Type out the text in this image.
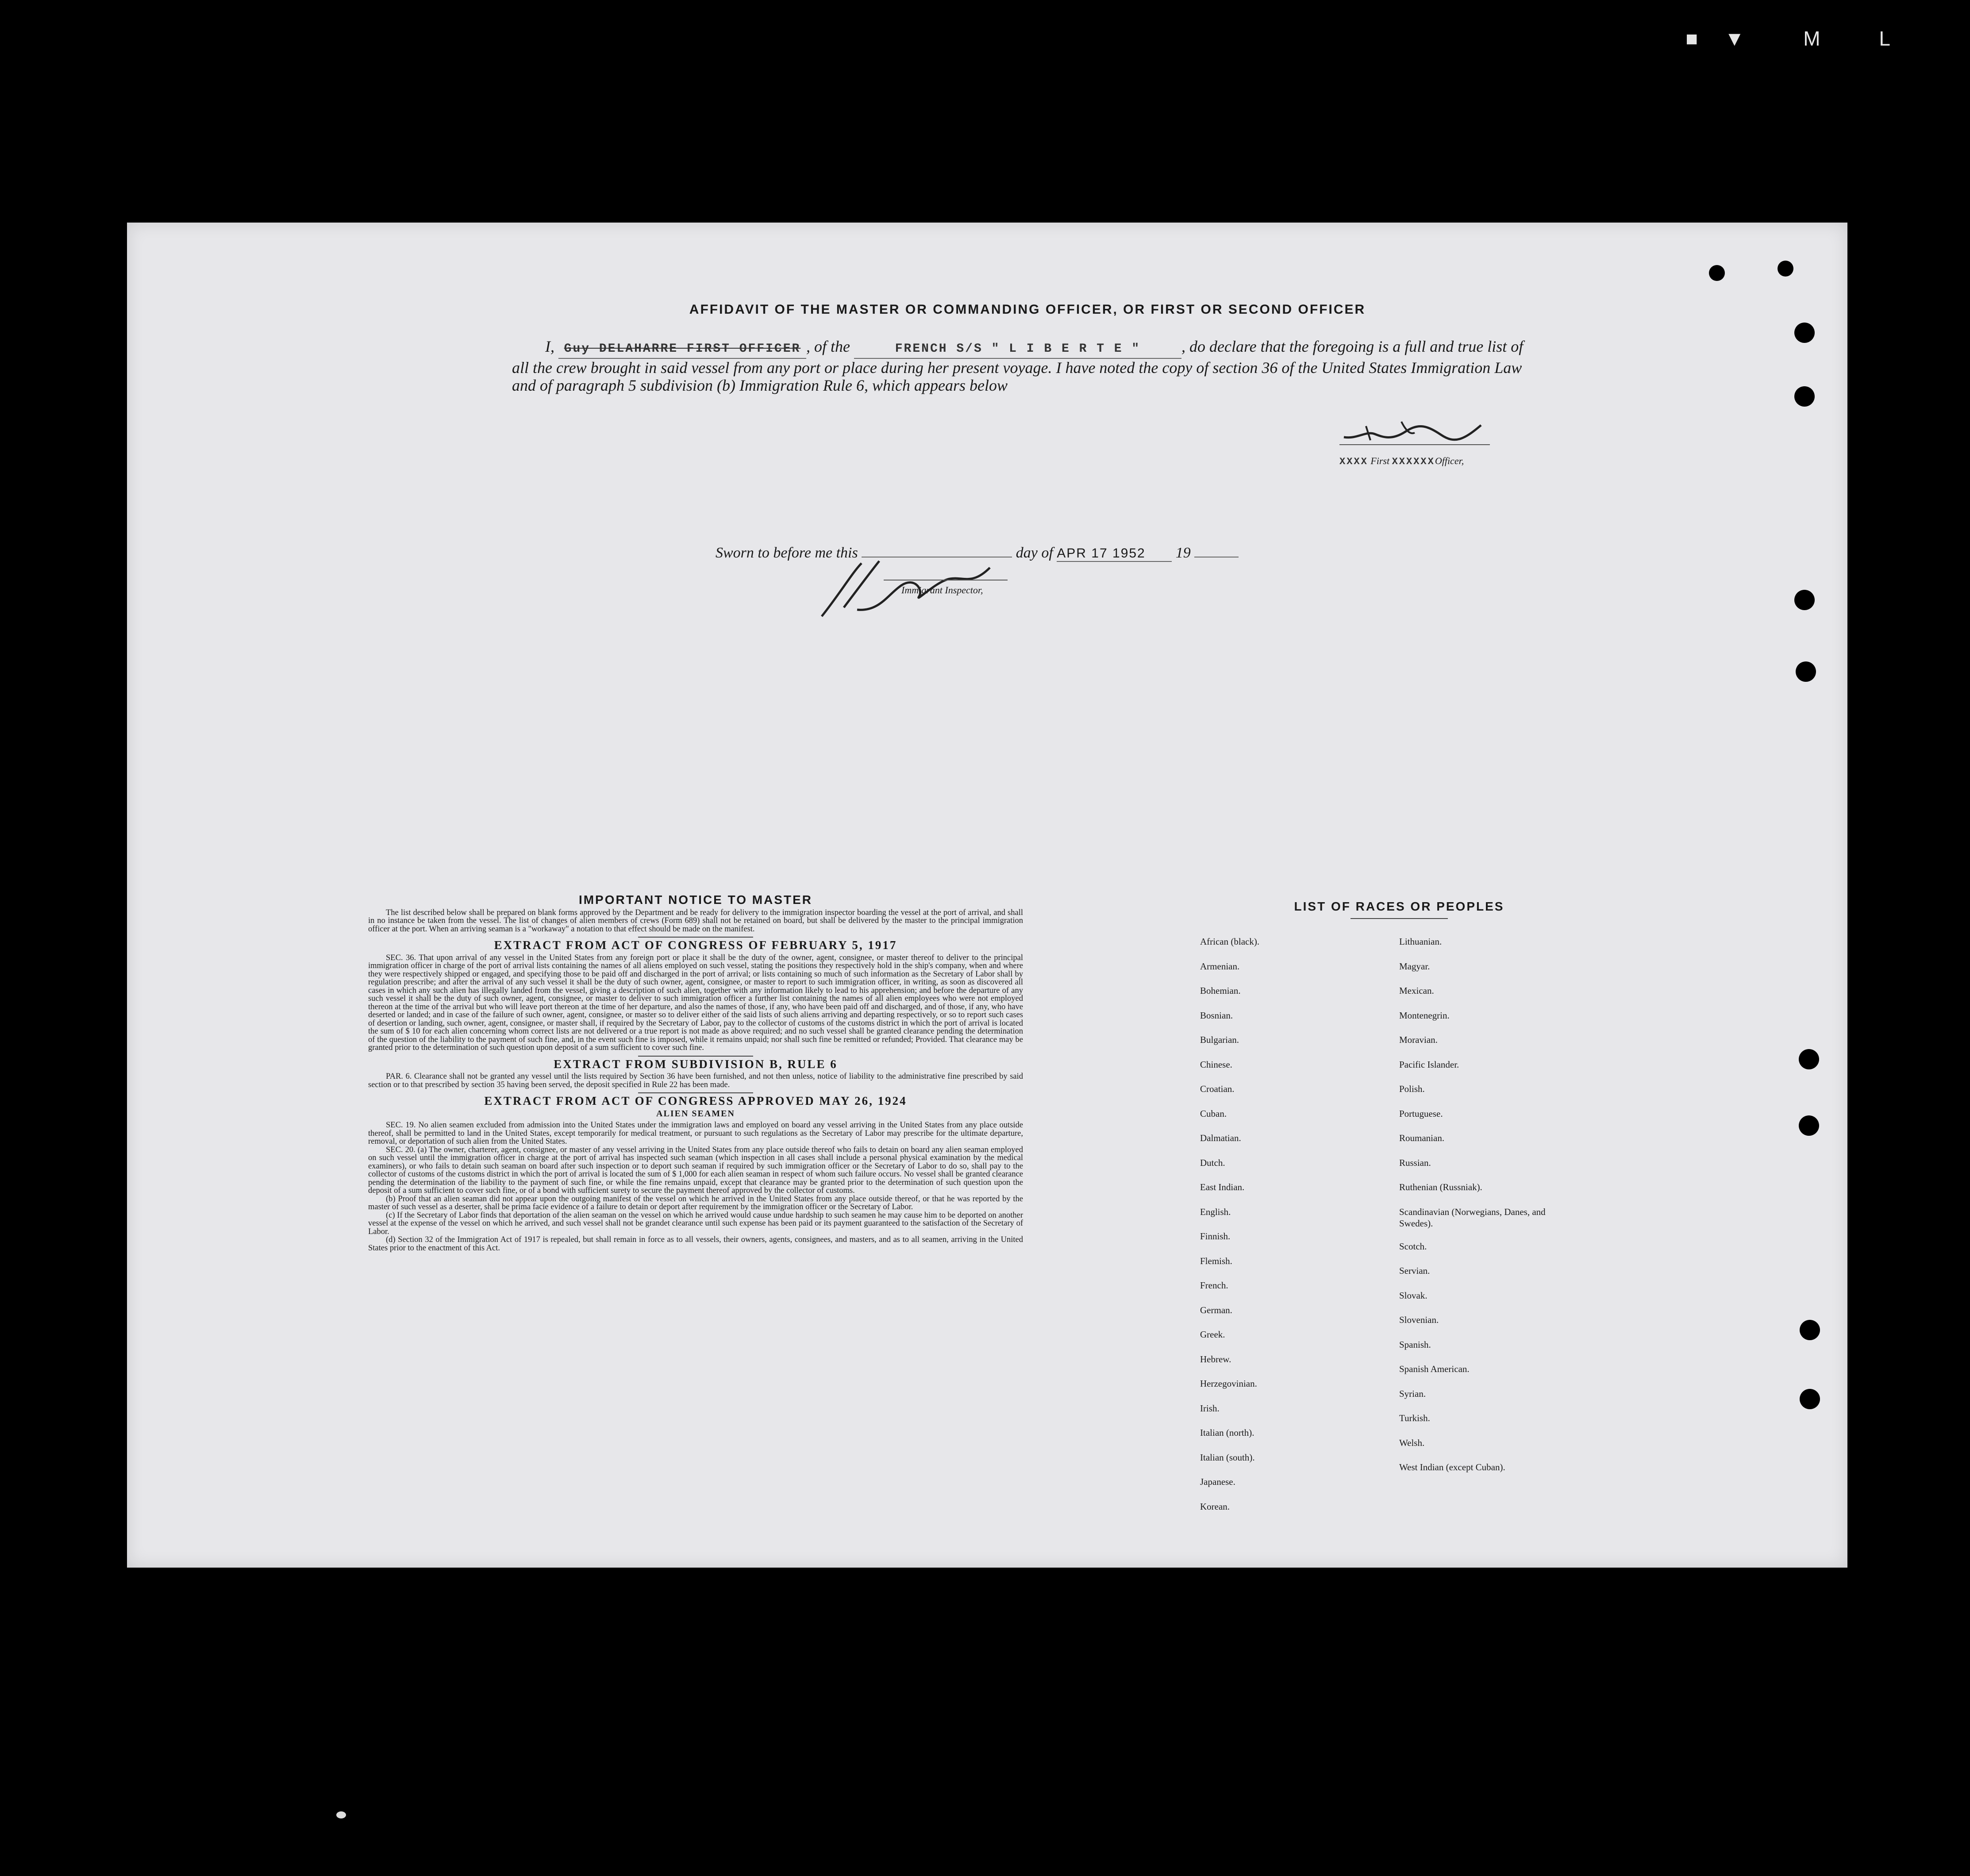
■▼ M L
AFFIDAVIT OF THE MASTER OR COMMANDING OFFICER, OR FIRST OR SECOND OFFICER
I, Guy DELAHARRE FIRST OFFICER , of the	FRENCH S/S " L I B E R T E "	, do declare that the foregoing is a full and true list of all the crew brought in said vessel from any port or place during her present voyage. I have noted the copy of section 36 of the United States Immigration Law and of paragraph 5 subdivision (b) Immigration Rule 6, which appears below
XXXX First XXXXXXOfficer,
Sworn to before me this	day of APR 17 1952 19
Immigrant Inspector,
IMPORTANT NOTICE TO MASTER

The list described below shall be prepared on blank forms approved by the Department and be ready for delivery to the immigration inspector boarding the vessel at the port of arrival, and shall in no instance be taken from the vessel. The list of changes of alien members of crews (Form 689) shall not be retained on board, but shall be delivered by the master to the principal immigration officer at the port. When an arriving seaman is a "workaway" a notation to that effect should be made on the manifest.

EXTRACT FROM ACT OF CONGRESS OF FEBRUARY 5, 1917

SEC. 36. That upon arrival of any vessel in the United States from any foreign port or place it shall be the duty of the owner, agent, consignee, or master thereof to deliver to the principal immigration officer in charge of the port of arrival lists containing the names of all aliens employed on such vessel, stating the positions they respectively hold in the ship's company, when and where they were respectively shipped or engaged, and specifying those to be paid off and discharged in the port of arrival; or lists containing so much of such information as the Secretary of Labor shall by regulation prescribe; and after the arrival of any such vessel it shall be the duty of such owner, agent, consignee, or master to report to such immigration officer, in writing, as soon as discovered all cases in which any such alien has illegally landed from the vessel, giving a description of such alien, together with any information likely to lead to his apprehension; and before the departure of any such vessel it shall be the duty of such owner, agent, consignee, or master to deliver to such immigration officer a further list containing the names of all alien employees who were not employed thereon at the time of the arrival but who will leave port thereon at the time of her departure, and also the names of those, if any, who have been paid off and discharged, and of those, if any, who have deserted or landed; and in case of the failure of such owner, agent, consignee, or master so to deliver either of the said lists of such aliens arriving and departing respectively, or so to report such cases of desertion or landing, such owner, agent, consignee, or master shall, if required by the Secretary of Labor, pay to the collector of customs of the customs district in which the port of arrival is located the sum of $ 10 for each alien concerning whom correct lists are not delivered or a true report is not made as above required; and no such vessel shall be granted clearance pending the determination of the question of the liability to the payment of such fine, and, in the event such fine is imposed, while it remains unpaid; nor shall such fine be remitted or refunded; Provided. That clearance may be granted prior to the determination of such question upon deposit of a sum sufficient to cover such fine.

EXTRACT FROM SUBDIVISION B, RULE 6

PAR. 6. Clearance shall not be granted any vessel until the lists required by Section 36 have been furnished, and not then unless, notice of liability to the administrative fine prescribed by said section or to that prescribed by section 35 having been served, the deposit specified in Rule 22 has been made.

EXTRACT FROM ACT OF CONGRESS APPROVED MAY 26, 1924
ALIEN SEAMEN

SEC. 19. No alien seamen excluded from admission into the United States under the immigration laws and employed on board any vessel arriving in the United States from any place outside thereof, shall be permitted to land in the United States, except temporarily for medical treatment, or pursuant to such regulations as the Secretary of Labor may prescribe for the ultimate departure, removal, or deportation of such alien from the United States.

SEC. 20. (a) The owner, charterer, agent, consignee, or master of any vessel arriving in the United States from any place outside thereof who fails to detain on board any alien seaman employed on such vessel until the immigration officer in charge at the port of arrival has inspected such seaman (which inspection in all cases shall include a personal physical examination by the medical examiners), or who fails to detain such seaman on board after such inspection or to deport such seaman if required by such immigration officer or the Secretary of Labor to do so, shall pay to the collector of customs of the customs district in which the port of arrival is located the sum of $ 1,000 for each alien seaman in respect of whom such failure occurs. No vessel shall be granted clearance pending the determination of the liability to the payment of such fine, or while the fine remains unpaid, except that clearance may be granted prior to the determination of such question upon the deposit of a sum sufficient to cover such fine, or of a bond with sufficient surety to secure the payment thereof approved by the collector of customs.

(b) Proof that an alien seaman did not appear upon the outgoing manifest of the vessel on which he arrived in the United States from any place outside thereof, or that he was reported by the master of such vessel as a deserter, shall be prima facie evidence of a failure to detain or deport after requirement by the immigration officer or the Secretary of Labor.

(c) If the Secretary of Labor finds that deportation of the alien seaman on the vessel on which he arrived would cause undue hardship to such seamen he may cause him to be deported on another vessel at the expense of the vessel on which he arrived, and such vessel shall not be grandet clearance until such expense has been paid or its payment guaranteed to the satisfaction of the Secretary of Labor.

(d) Section 32 of the Immigration Act of 1917 is repealed, but shall remain in force as to all vessels, their owners, agents, consignees, and masters, and as to all seamen, arriving in the United States prior to the enactment of this Act.

LIST OF RACES OR PEOPLES
African (black).
Armenian.
Bohemian.
Bosnian.
Bulgarian.
Chinese.
Croatian.
Cuban.
Dalmatian.
Dutch.
East Indian.
English.
Finnish.
Flemish.
French.
German.
Greek.
Hebrew.
Herzegovinian.
Irish.
Italian (north).
Italian (south).
Japanese.
Korean.
Lithuanian.
Magyar.
Mexican.
Montenegrin.
Moravian.
Pacific Islander.
Polish.
Portuguese.
Roumanian.
Russian.
Ruthenian (Russniak).
Scandinavian (Norwegians, Danes, and Swedes).
Scotch.
Servian.
Slovak.
Slovenian.
Spanish.
Spanish American.
Syrian.
Turkish.
Welsh.
West Indian (except Cuban).
